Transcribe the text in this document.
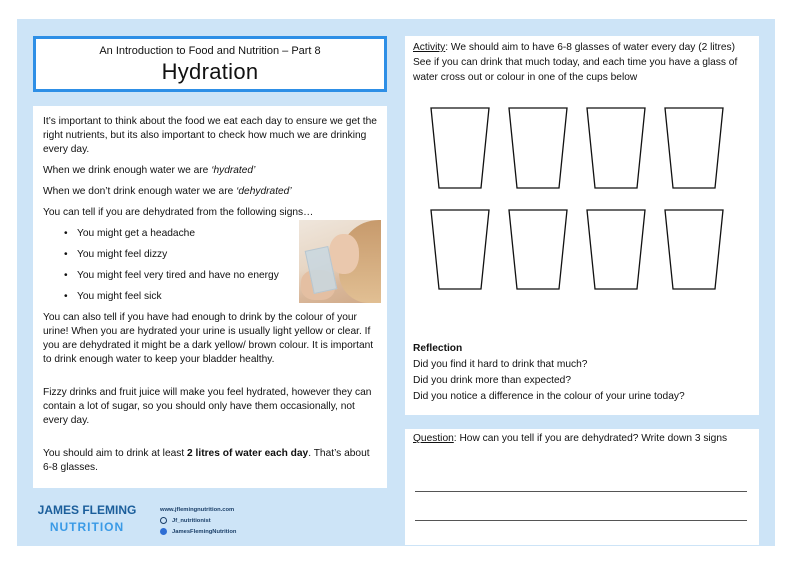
An Introduction to Food and Nutrition – Part 8
Hydration

It’s important to think about the food we eat each day to ensure we get the right nutrients, but its also important to check how much we are drinking every day.

When we drink enough water we are ‘hydrated’

When we don’t drink enough water we are ‘dehydrated’

You can tell if you are dehydrated from the following signs…

• You might get a headache
• You might feel dizzy
• You might feel very tired and have no energy
• You might feel sick

You can also tell if you have had enough to drink by the colour of your urine! When you are hydrated your urine is usually light yellow or clear. If you are dehydrated it might be a dark yellow/ brown colour. It is important to drink enough water to keep your bladder healthy.

Fizzy drinks and fruit juice will make you feel hydrated, however they can contain a lot of sugar, so you should only have them occasionally, not every day.

You should aim to drink at least 2 litres of water each day. That’s about 6-8 glasses.

JAMES FLEMING
NUTRITION
www.jflemingnutrition.com
Jf_nutritionist
JamesFlemingNutrition
Activity: We should aim to have 6-8 glasses of water every day (2 litres) See if you can drink that much today, and each time you have a glass of water cross out or colour in one of the cups below
Reflection
Did you find it hard to drink that much?
Did you drink more than expected?
Did you notice a difference in the colour of your urine today?
Question: How can you tell if you are dehydrated? Write down 3 signs
